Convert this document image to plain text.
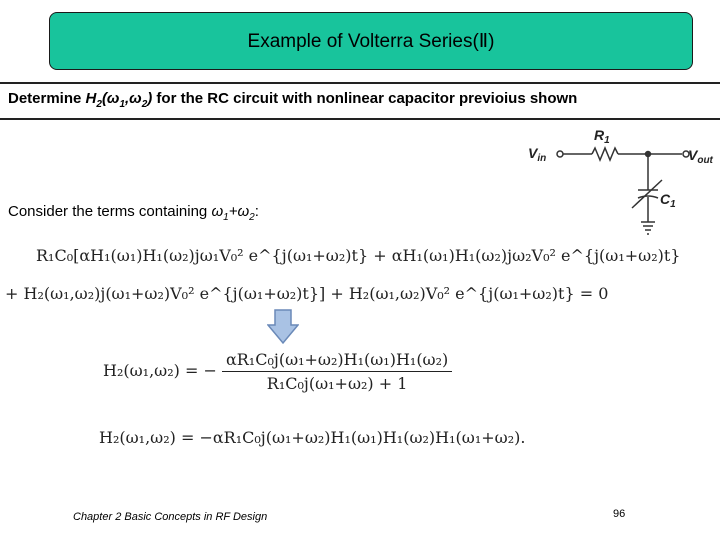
Example of Volterra Series(Ⅱ)
Determine $H_2(\omega_1,\omega_2)$ for the RC circuit with nonlinear capacitor previoius shown
$R_1$
$V_{in}$	$V_{out}$
$C_1$
Consider the terms containing $\omega_1+\omega_2$:
R₁C₀[αH₁(ω₁)H₁(ω₂)jω₁V₀² e^{j(ω₁+ω₂)t} + αH₁(ω₁)H₁(ω₂)jω₂V₀² e^{j(ω₁+ω₂)t}
+ H₂(ω₁,ω₂)j(ω₁+ω₂)V₀² e^{j(ω₁+ω₂)t}] + H₂(ω₁,ω₂)V₀² e^{j(ω₁+ω₂)t} = 0
H₂(ω₁,ω₂) = − $\frac{\text{αR₁C₀j(ω₁+ω₂)H₁(ω₁)H₁(ω₂)}}{\text{R₁C₀j(ω₁+ω₂) + 1}}$
H₂(ω₁,ω₂) = −αR₁C₀j(ω₁+ω₂)H₁(ω₁)H₁(ω₂)H₁(ω₁+ω₂).
Chapter 2 Basic Concepts in RF Design	96
